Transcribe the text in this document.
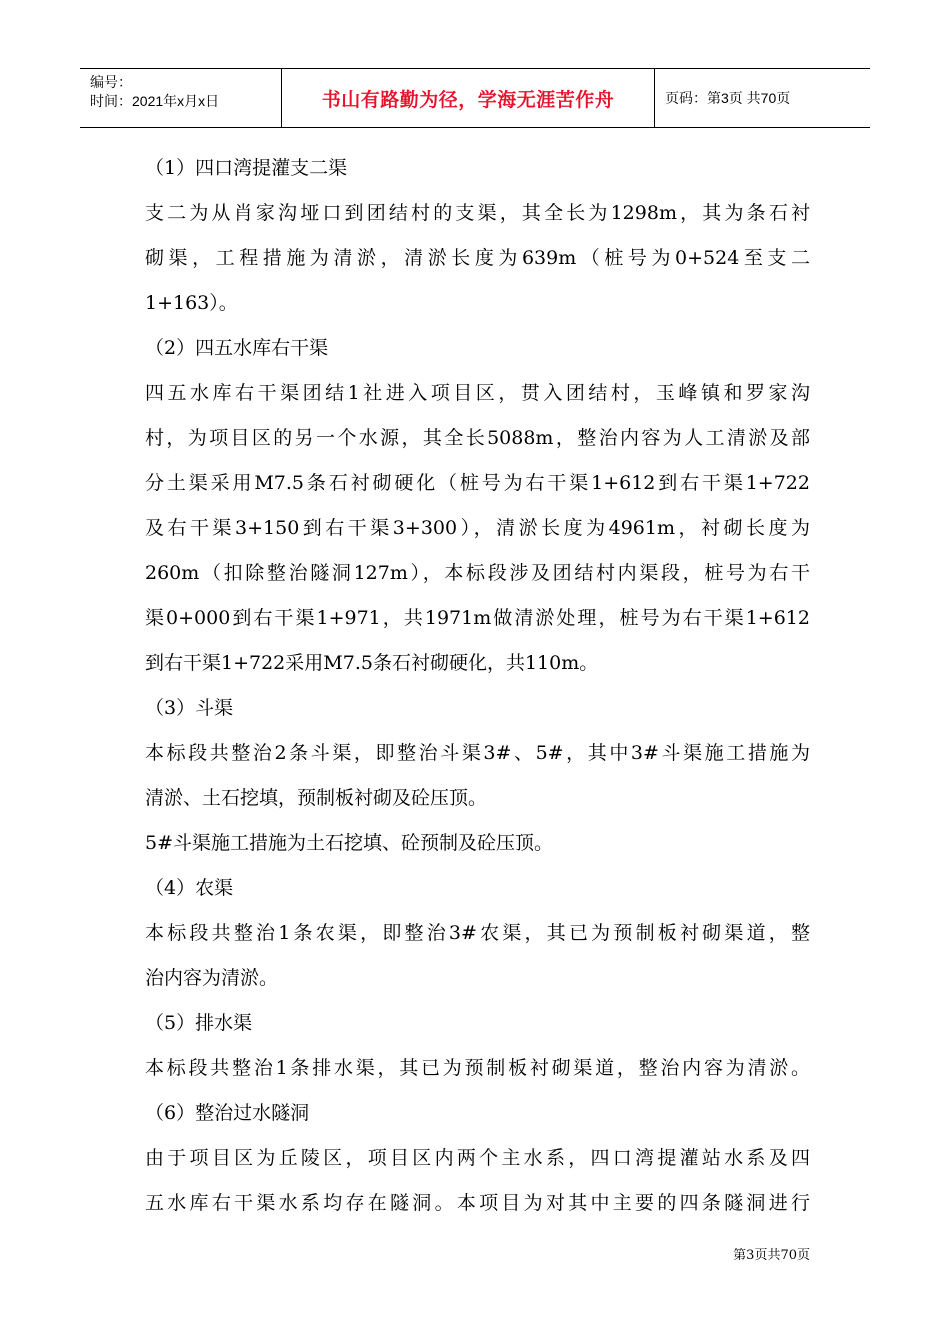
编号：
时间：2021年x月x日	书山有路勤为径，学海无涯苦作舟	页码：第3页 共70页
（1）四口湾提灌支二渠
支二为从肖家沟垭口到团结村的支渠，其全长为1298m，其为条石衬
砌渠，工程措施为清淤，清淤长度为639m（桩号为0+524至支二
1+163）。
（2）四五水库右干渠
四五水库右干渠团结1社进入项目区，贯入团结村，玉峰镇和罗家沟
村，为项目区的另一个水源，其全长5088m，整治内容为人工清淤及部
分土渠采用M7.5条石衬砌硬化（桩号为右干渠1+612到右干渠1+722
及右干渠3+150到右干渠3+300），清淤长度为4961m，衬砌长度为
260m（扣除整治隧洞127m），本标段涉及团结村内渠段，桩号为右干
渠0+000到右干渠1+971，共1971m做清淤处理，桩号为右干渠1+612
到右干渠1+722采用M7.5条石衬砌硬化，共110m。
（3）斗渠
本标段共整治2条斗渠，即整治斗渠3#、5#，其中3#斗渠施工措施为
清淤、土石挖填，预制板衬砌及砼压顶。
5#斗渠施工措施为土石挖填、砼预制及砼压顶。
（4）农渠
本标段共整治1条农渠，即整治3#农渠，其已为预制板衬砌渠道，整
治内容为清淤。
（5）排水渠
本标段共整治1条排水渠，其已为预制板衬砌渠道，整治内容为清淤。
（6）整治过水隧洞
由于项目区为丘陵区，项目区内两个主水系，四口湾提灌站水系及四
五水库右干渠水系均存在隧洞。本项目为对其中主要的四条隧洞进行
第3页共70页
